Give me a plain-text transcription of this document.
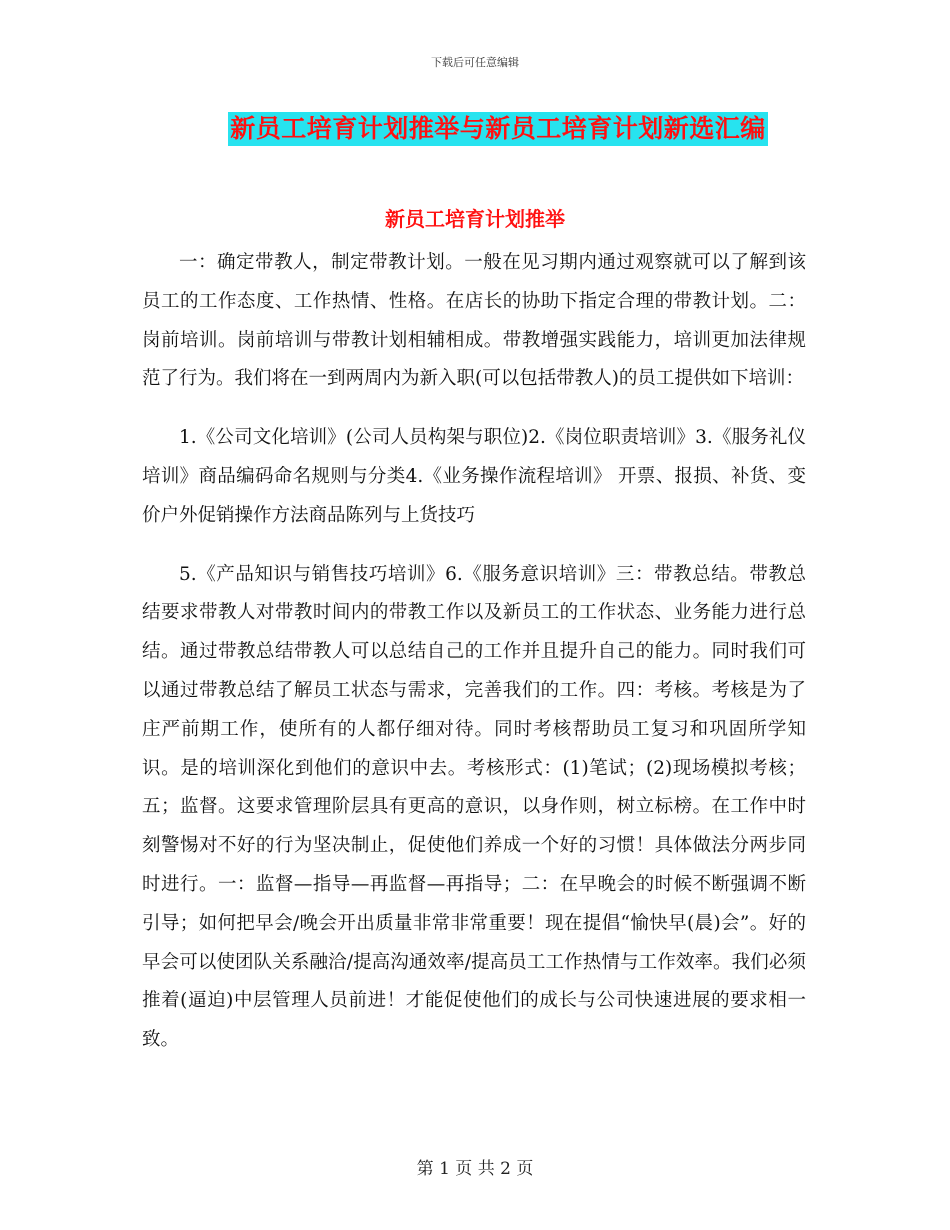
下载后可任意编辑
新员工培育计划推举与新员工培育计划新选汇编
新员工培育计划推举

一：确定带教人，制定带教计划。一般在见习期内通过观察就可以了解到该员工的工作态度、工作热情、性格。在店长的协助下指定合理的带教计划。二：岗前培训。岗前培训与带教计划相辅相成。带教增强实践能力，培训更加法律规范了行为。我们将在一到两周内为新入职(可以包括带教人)的员工提供如下培训：

1.《公司文化培训》(公司人员构架与职位)2.《岗位职责培训》3.《服务礼仪培训》商品编码命名规则与分类4.《业务操作流程培训》 开票、报损、补货、变价户外促销操作方法商品陈列与上货技巧

5.《产品知识与销售技巧培训》6.《服务意识培训》三：带教总结。带教总结要求带教人对带教时间内的带教工作以及新员工的工作状态、业务能力进行总结。通过带教总结带教人可以总结自己的工作并且提升自己的能力。同时我们可以通过带教总结了解员工状态与需求，完善我们的工作。四：考核。考核是为了庄严前期工作，使所有的人都仔细对待。同时考核帮助员工复习和巩固所学知识。是的培训深化到他们的意识中去。考核形式：(1)笔试；(2)现场模拟考核；五；监督。这要求管理阶层具有更高的意识，以身作则，树立标榜。在工作中时刻警惕对不好的行为坚决制止，促使他们养成一个好的习惯！具体做法分两步同时进行。一：监督—指导—再监督—再指导；二：在早晚会的时候不断强调不断引导；如何把早会/晚会开出质量非常非常重要！现在提倡“愉快早(晨)会”。好的早会可以使团队关系融洽/提高沟通效率/提高员工工作热情与工作效率。我们必须推着(逼迫)中层管理人员前进！才能促使他们的成长与公司快速进展的要求相一致。

第 1 页 共 2 页
